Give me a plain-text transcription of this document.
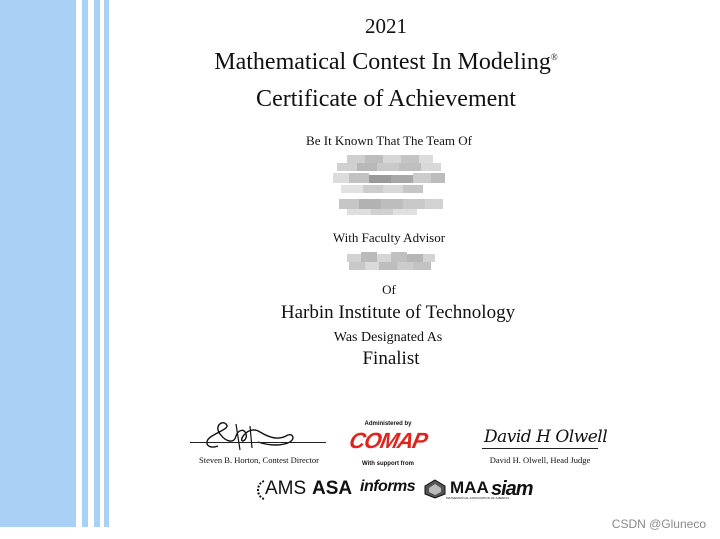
2021
Mathematical Contest In Modeling®
Certificate of Achievement
Be It Known That The Team Of
With Faculty Advisor
Of
Harbin Institute of Technology
Was Designated As
Finalist
Steven B. Horton, Contest Director
Administered by
COMAP
With support from
David H Olwell
David H. Olwell, Head Judge
AMS ASA informs MAA
MATHEMATICAL ASSOCIATION OF AMERICA
siam
CSDN @Gluneco
